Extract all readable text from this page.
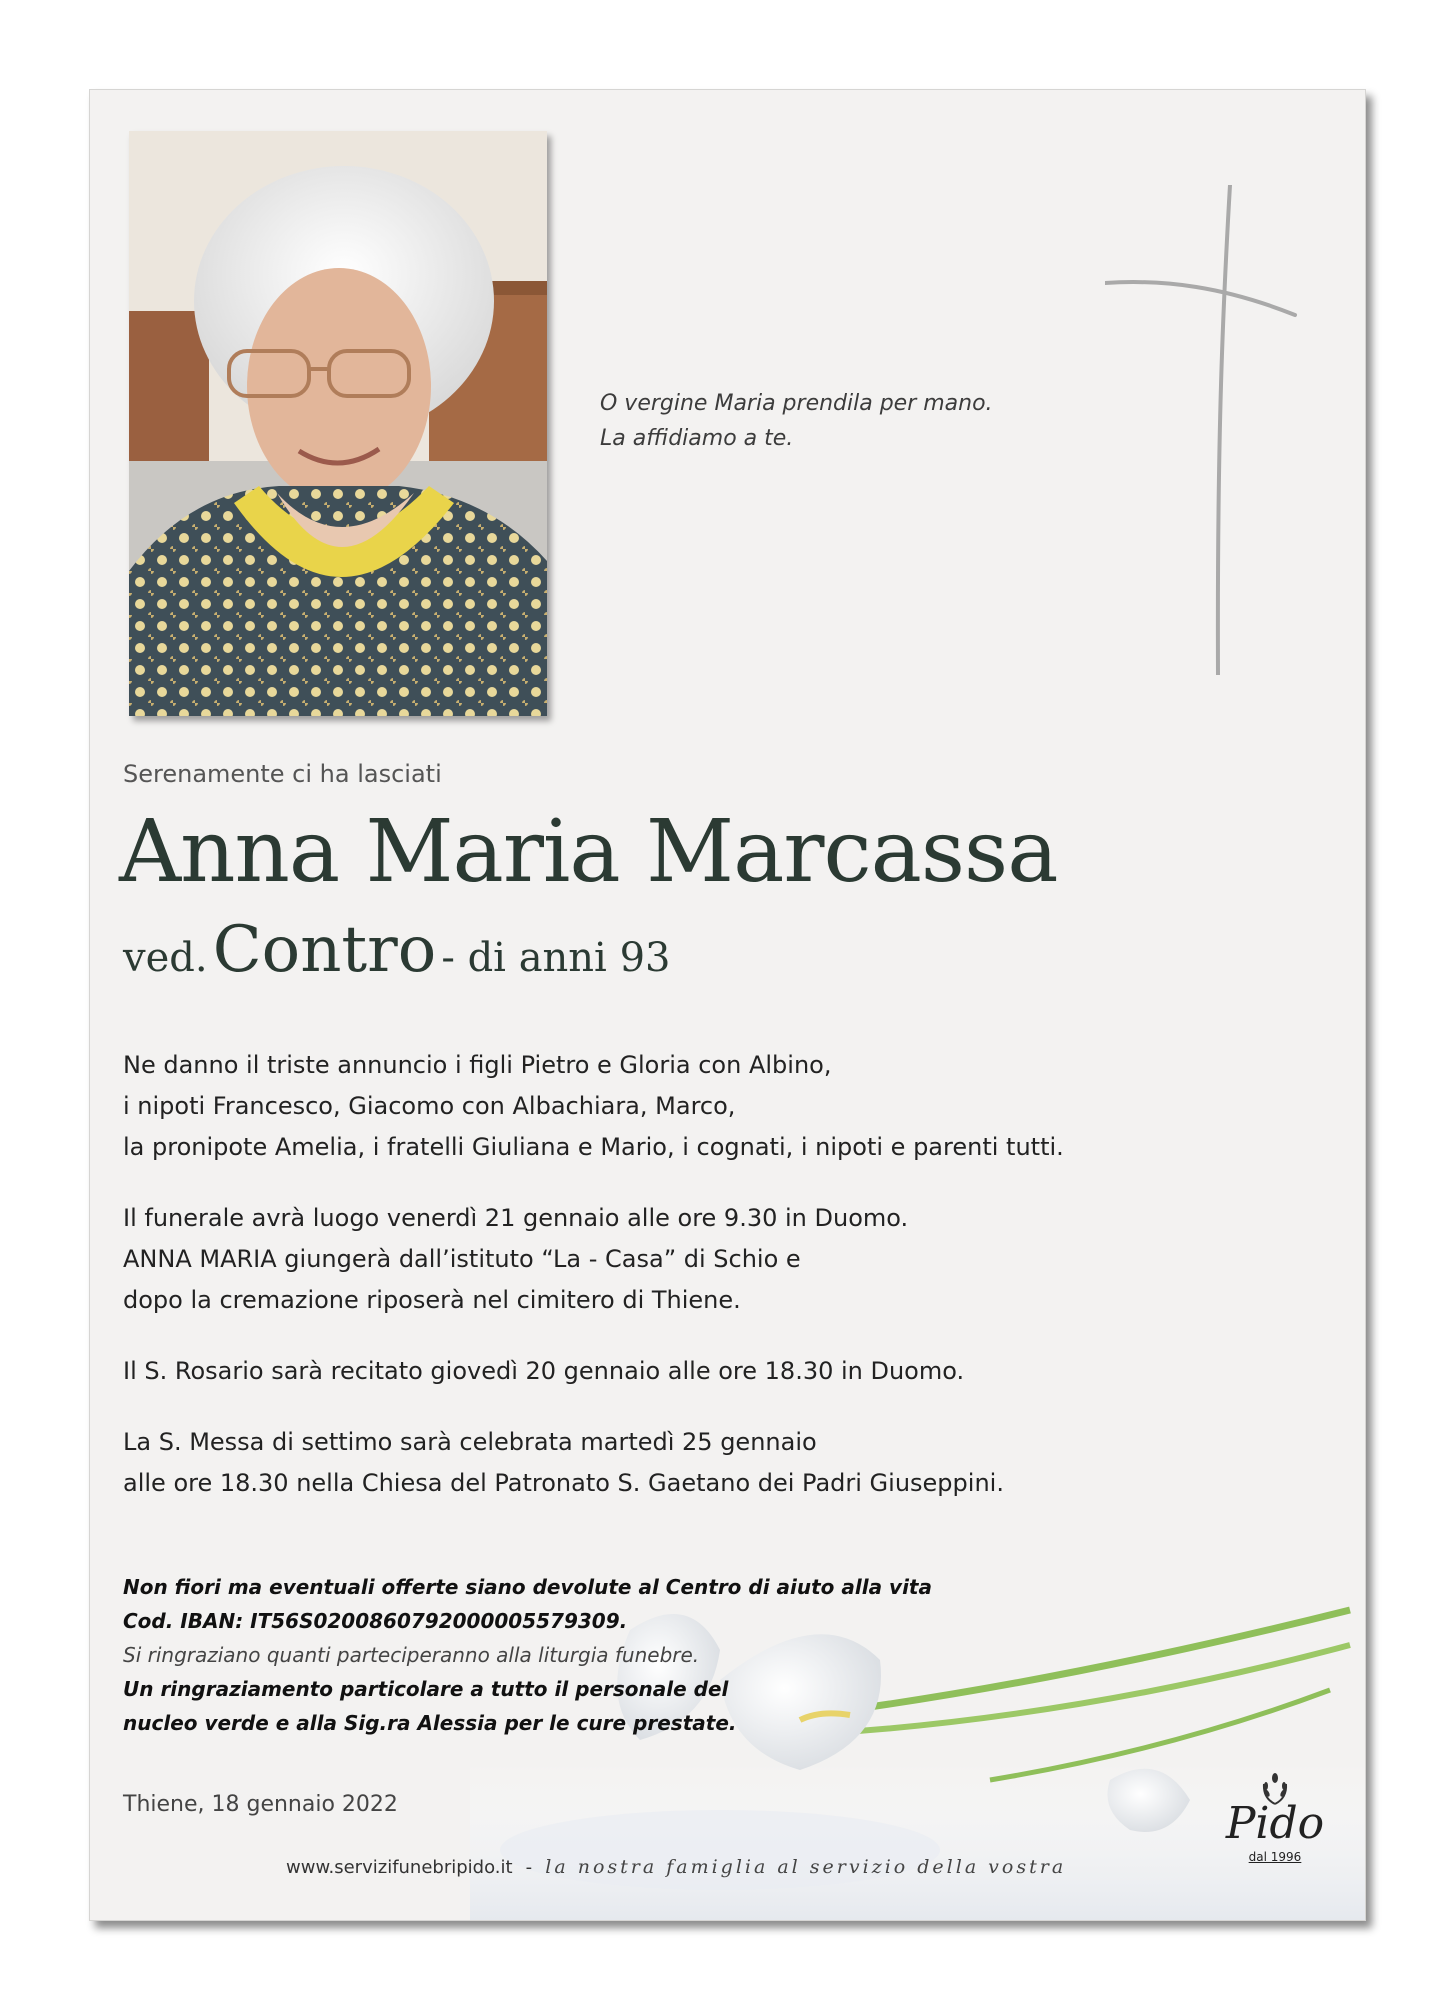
O vergine Maria prendila per mano.
La affidiamo a te.
Serenamente ci ha lasciati
Anna Maria Marcassa
ved. Contro - di anni 93
Ne danno il triste annuncio i figli Pietro e Gloria con Albino,
i nipoti Francesco, Giacomo con Albachiara, Marco,
la pronipote Amelia, i fratelli Giuliana e Mario, i cognati, i nipoti e parenti tutti.
Il funerale avrà luogo venerdì 21 gennaio alle ore 9.30 in Duomo.
ANNA MARIA giungerà dall’istituto “La - Casa” di Schio e
dopo la cremazione riposerà nel cimitero di Thiene.
Il S. Rosario sarà recitato giovedì 20 gennaio alle ore 18.30 in Duomo.
La S. Messa di settimo sarà celebrata martedì 25 gennaio
alle ore 18.30 nella Chiesa del Patronato S. Gaetano dei Padri Giuseppini.
Non fiori ma eventuali offerte siano devolute al Centro di aiuto alla vita
Cod. IBAN: IT56S0200860792000005579309.
Si ringraziano quanti parteciperanno alla liturgia funebre.
Un ringraziamento particolare a tutto il personale del
nucleo verde e alla Sig.ra Alessia per le cure prestate.
Thiene, 18 gennaio 2022
www.servizifunebripido.it - la nostra famiglia al servizio della vostra
Pido
dal 1996
